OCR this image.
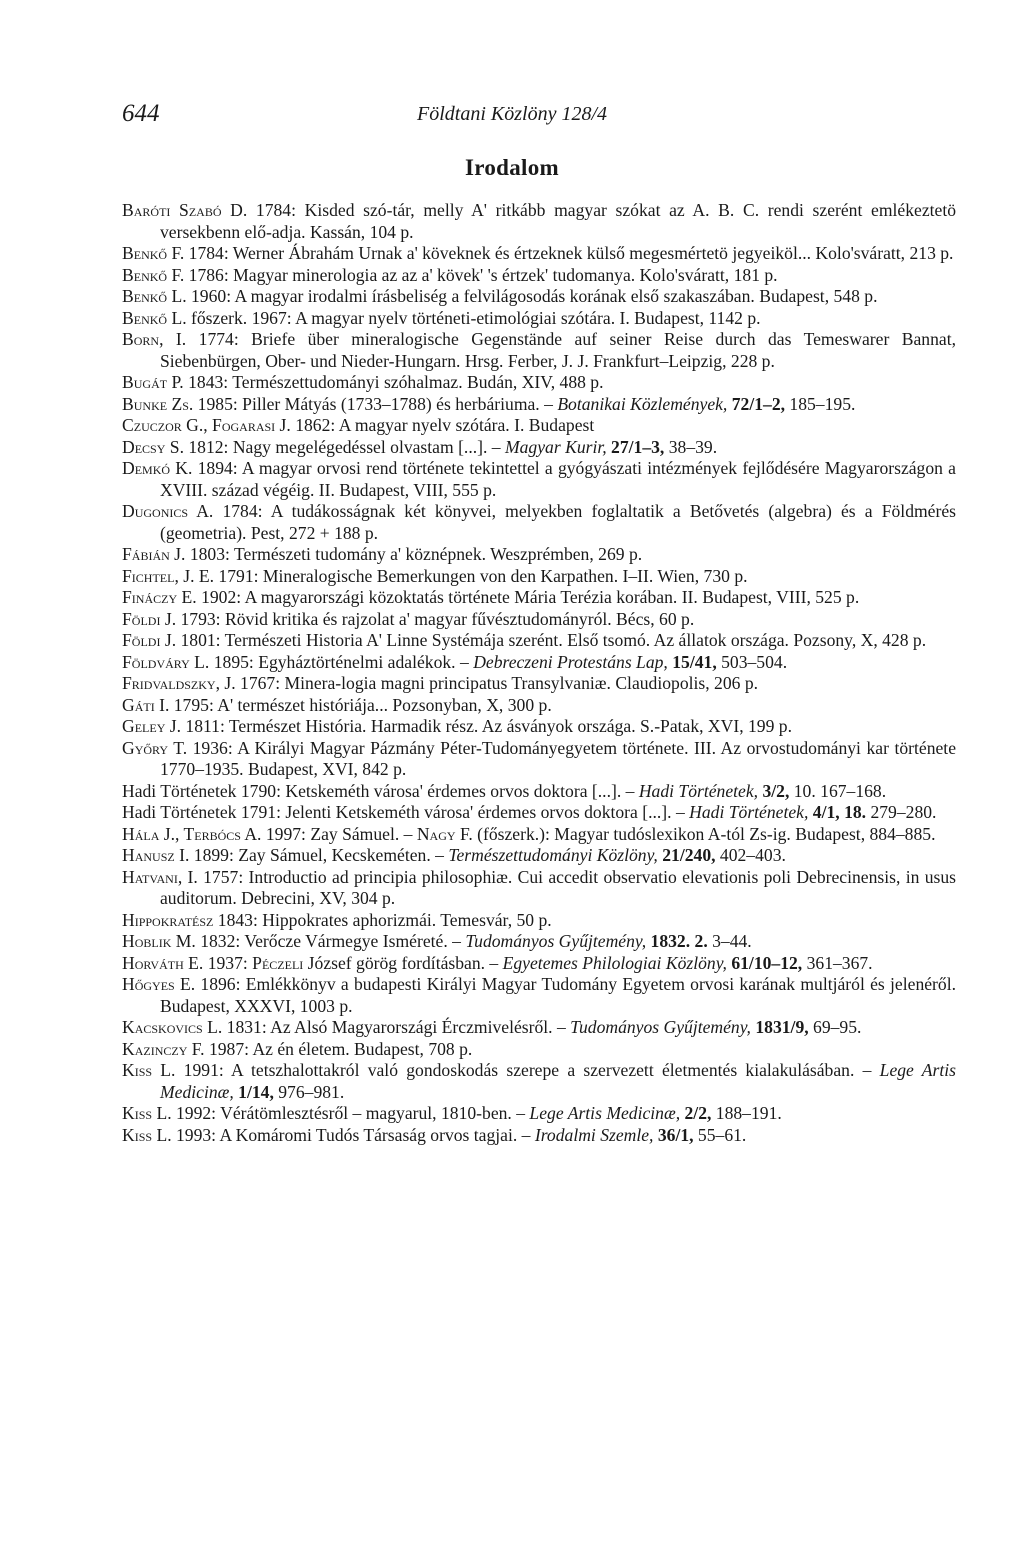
644	Földtani Közlöny 128/4
Irodalom

Baróti Szabó D. 1784: Kisded szó-tár, melly A' ritkább magyar szókat az A. B. C. rendi szerént emlékeztetö versekbenn elő-adja. Kassán, 104 p.

Benkő F. 1784: Werner Ábrahám Urnak a' köveknek és értzeknek külső megesmértetö jegyeiköl... Kolo'sváratt, 213 p.

Benkő F. 1786: Magyar minerologia az az a' kövek' 's értzek' tudomanya. Kolo'sváratt, 181 p.

Benkő L. 1960: A magyar irodalmi írásbeliség a felvilágosodás korának első szakaszában. Budapest, 548 p.

Benkő L. főszerk. 1967: A magyar nyelv történeti-etimológiai szótára. I. Budapest, 1142 p.

Born, I. 1774: Briefe über mineralogische Gegenstände auf seiner Reise durch das Temeswarer Bannat, Siebenbürgen, Ober- und Nieder-Hungarn. Hrsg. Ferber, J. J. Frankfurt–Leipzig, 228 p.

Bugát P. 1843: Természettudományi szóhalmaz. Budán, XIV, 488 p.

Bunke Zs. 1985: Piller Mátyás (1733–1788) és herbáriuma. – Botanikai Közlemények, 72/1–2, 185–195.

Czuczor G., Fogarasi J. 1862: A magyar nyelv szótára. I. Budapest

Decsy S. 1812: Nagy megelégedéssel olvastam [...]. – Magyar Kurir, 27/1–3, 38–39.

Demkó K. 1894: A magyar orvosi rend története tekintettel a gyógyászati intézmények fejlődésére Magyarországon a XVIII. század végéig. II. Budapest, VIII, 555 p.

Dugonics A. 1784: A tudákosságnak két könyvei, melyekben foglaltatik a Betővetés (algebra) és a Földmérés (geometria). Pest, 272 + 188 p.

Fábián J. 1803: Természeti tudomány a' köznépnek. Weszprémben, 269 p.

Fichtel, J. E. 1791: Mineralogische Bemerkungen von den Karpathen. I–II. Wien, 730 p.

Fináczy E. 1902: A magyarországi közoktatás története Mária Terézia korában. II. Budapest, VIII, 525 p.

Földi J. 1793: Rövid kritika és rajzolat a' magyar fűvésztudományról. Bécs, 60 p.

Földi J. 1801: Természeti Historia A' Linne Systémája szerént. Első tsomó. Az állatok országa. Pozsony, X, 428 p.

Földváry L. 1895: Egyháztörténelmi adalékok. – Debreczeni Protestáns Lap, 15/41, 503–504.

Fridvaldszky, J. 1767: Minera-logia magni principatus Transylvaniæ. Claudiopolis, 206 p.

Gáti I. 1795: A' természet históriája... Pozsonyban, X, 300 p.

Geley J. 1811: Természet História. Harmadik rész. Az ásványok országa. S.-Patak, XVI, 199 p.

Győry T. 1936: A Királyi Magyar Pázmány Péter-Tudományegyetem története. III. Az orvostudományi kar története 1770–1935. Budapest, XVI, 842 p.

Hadi Történetek 1790: Ketskeméth városa' érdemes orvos doktora [...]. – Hadi Történetek, 3/2, 10. 167–168.

Hadi Történetek 1791: Jelenti Ketskeméth városa' érdemes orvos doktora [...]. – Hadi Történetek, 4/1, 18. 279–280.

Hála J., Terbócs A. 1997: Zay Sámuel. – Nagy F. (főszerk.): Magyar tudóslexikon A-tól Zs-ig. Budapest, 884–885.

Hanusz I. 1899: Zay Sámuel, Kecskeméten. – Természettudományi Közlöny, 21/240, 402–403.

Hatvani, I. 1757: Introductio ad principia philosophiæ. Cui accedit observatio elevationis poli Debrecinensis, in usus auditorum. Debrecini, XV, 304 p.

Hippokratész 1843: Hippokrates aphorizmái. Temesvár, 50 p.

Hoblik M. 1832: Verőcze Vármegye Isméreté. – Tudományos Gyűjtemény, 1832. 2. 3–44.

Horváth E. 1937: Péczeli József görög fordításban. – Egyetemes Philologiai Közlöny, 61/10–12, 361–367.

Hőgyes E. 1896: Emlékkönyv a budapesti Királyi Magyar Tudomány Egyetem orvosi karának multjáról és jelenéről. Budapest, XXXVI, 1003 p.

Kacskovics L. 1831: Az Alsó Magyarországi Érczmivelésről. – Tudományos Gyűjtemény, 1831/9, 69–95.

Kazinczy F. 1987: Az én életem. Budapest, 708 p.

Kiss L. 1991: A tetszhalottakról való gondoskodás szerepe a szervezett életmentés kialakulásában. – Lege Artis Medicinæ, 1/14, 976–981.

Kiss L. 1992: Vérátömlesztésről – magyarul, 1810-ben. – Lege Artis Medicinæ, 2/2, 188–191.

Kiss L. 1993: A Komáromi Tudós Társaság orvos tagjai. – Irodalmi Szemle, 36/1, 55–61.
